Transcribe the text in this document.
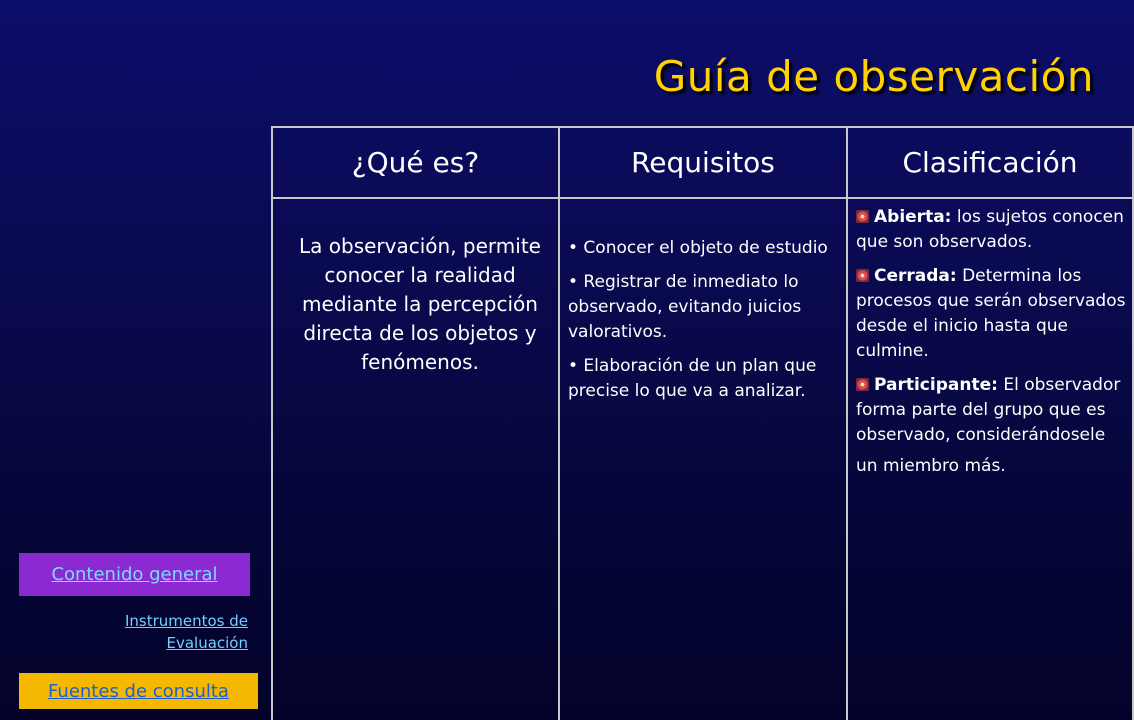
Guía de observación
¿Qué es?	Requisitos	Clasificación
La observación, permite conocer la realidad mediante la percepción directa de los objetos y fenómenos.
• Conocer el objeto de estudio
• Registrar de inmediato lo observado, evitando juicios valorativos.
• Elaboración de un plan que precise lo que va a analizar.
Abierta: los sujetos conocen que son observados.
Cerrada: Determina los procesos que serán observados desde el inicio hasta que culmine.
Participante: El observador forma parte del grupo que es observado, considerándosele
un miembro más.
Contenido general
Instrumentos de
Evaluación
Fuentes de consulta
